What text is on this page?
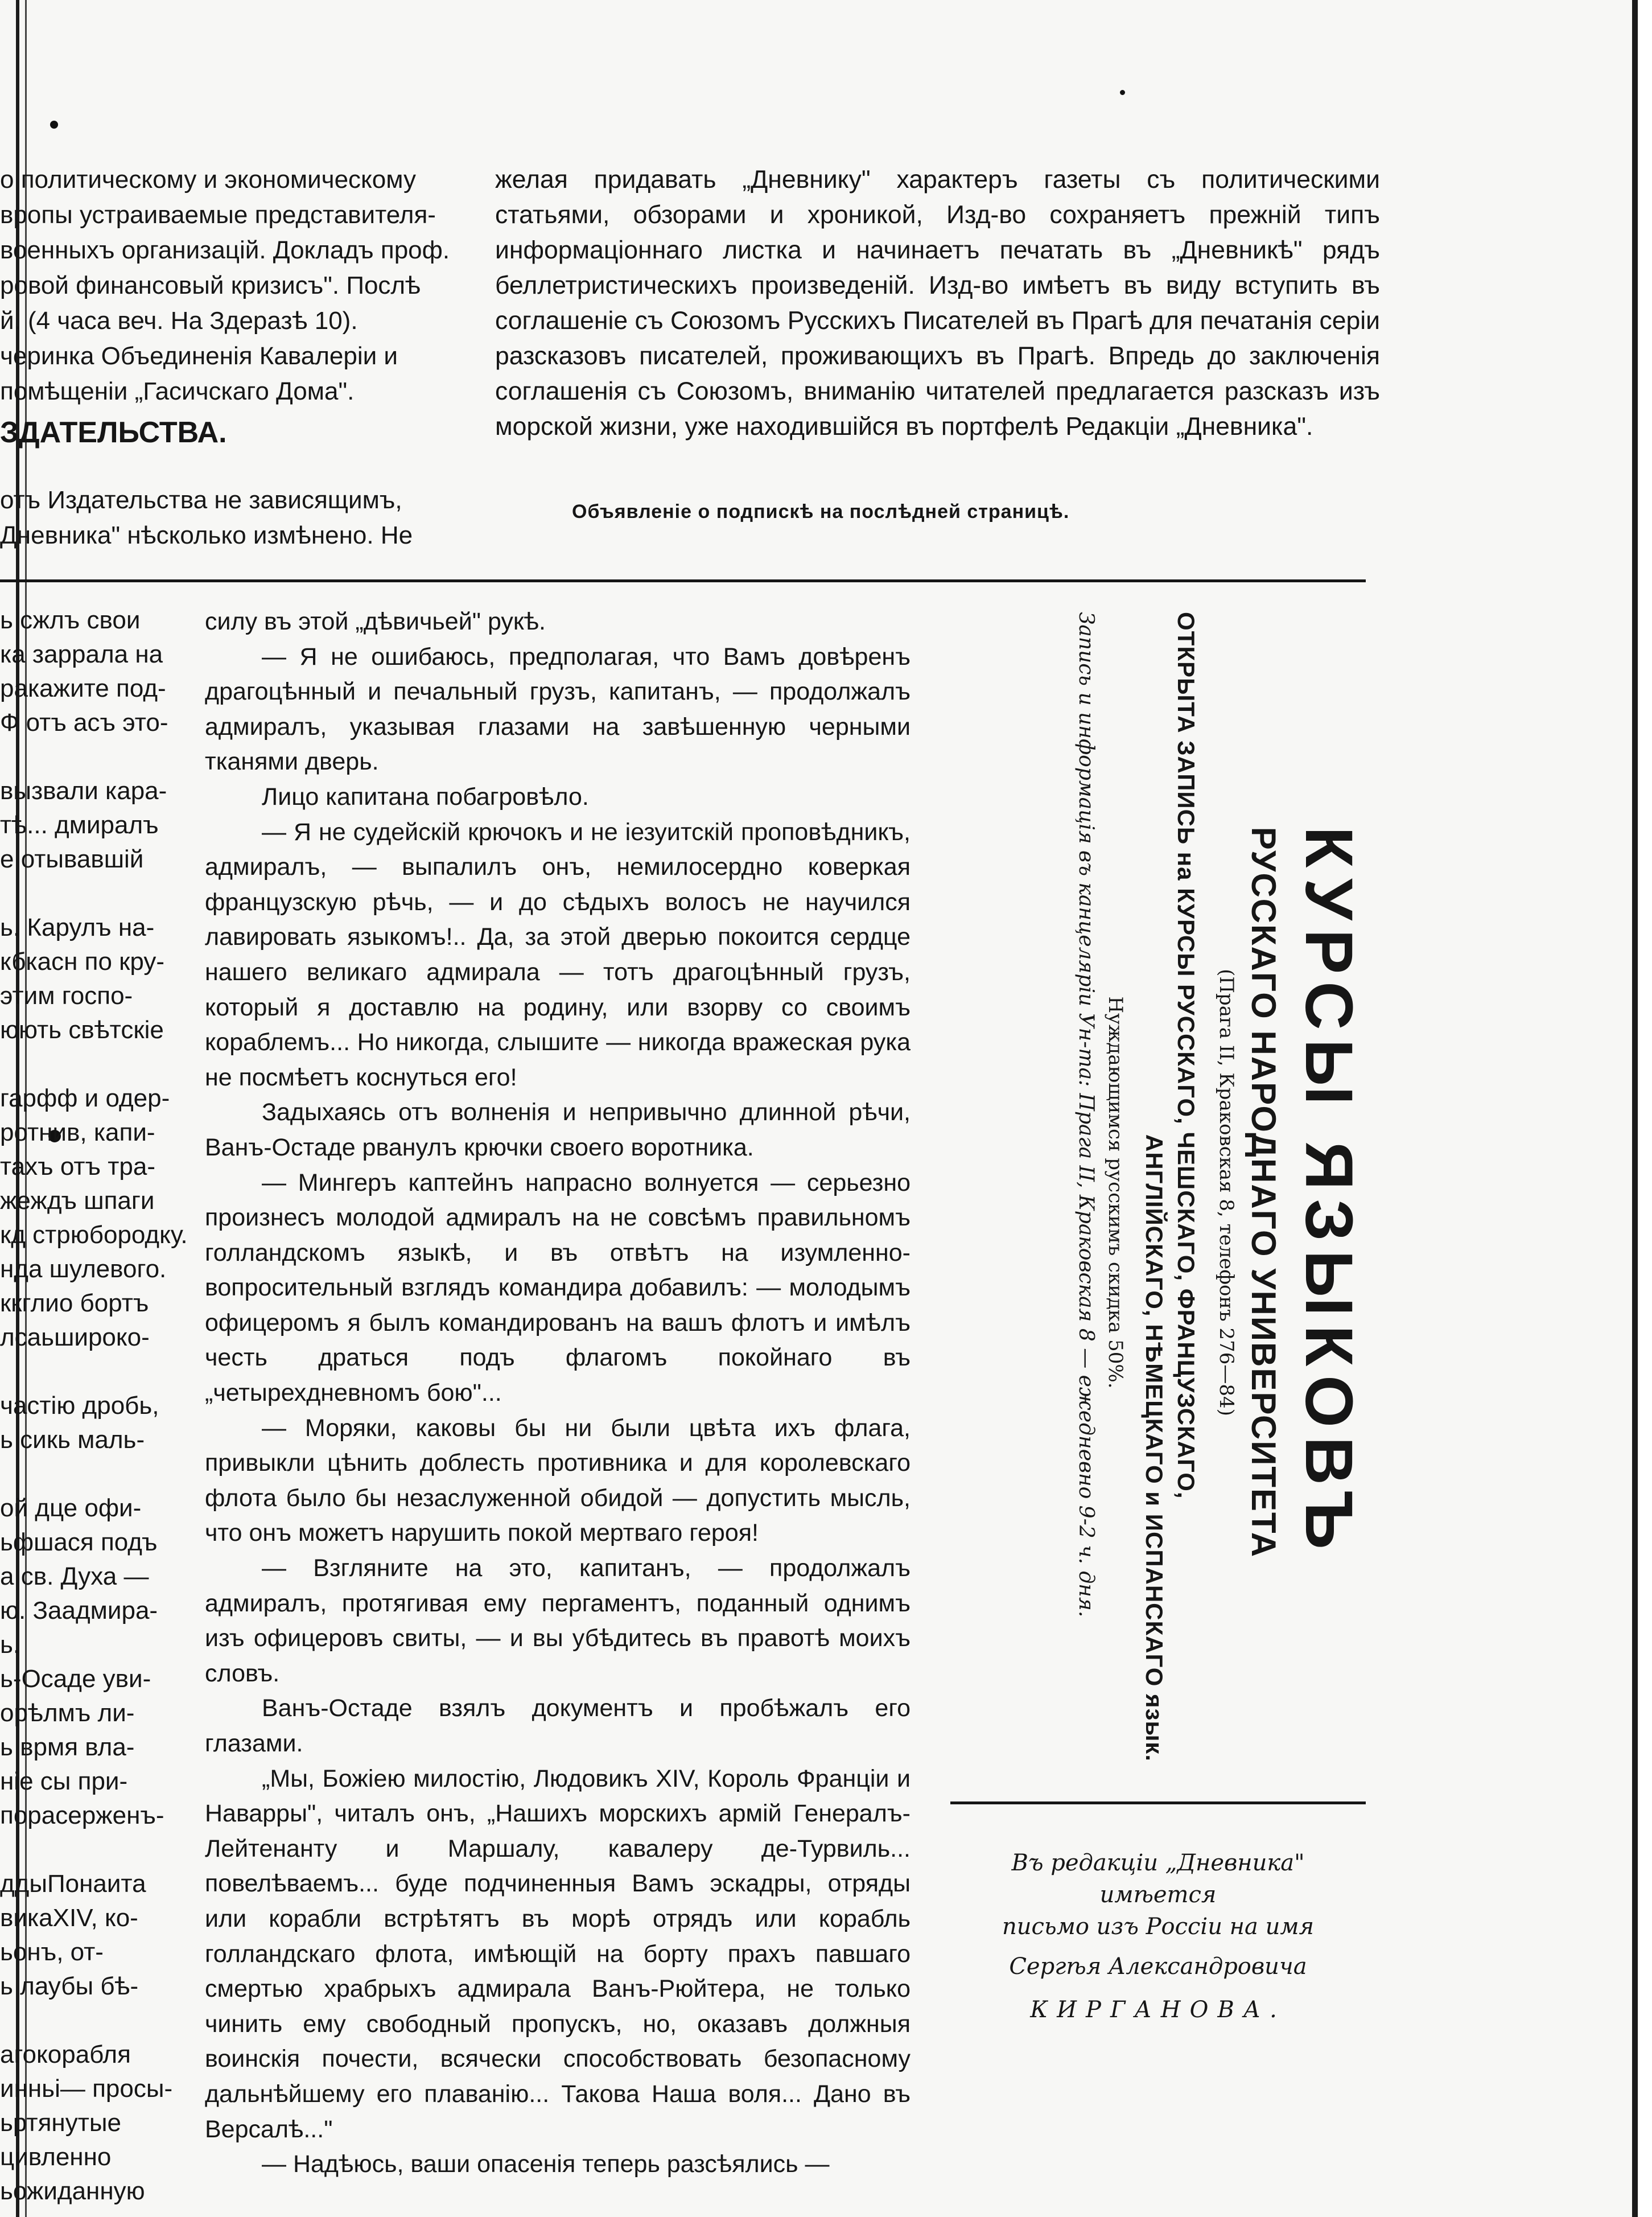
о политическому и экономическому
вропы устраиваемые представителя-
военныхъ организацій. Докладъ проф.
ровой финансовый кризисъ". Послѣ
й. (4 часа веч. На Здеразѣ 10).
черинка Объединенія Кавалеріи и
помѣщеніи „Гасичскаго Дома".
ЗДАТЕЛЬСТВА.
отъ Издательства не зависящимъ,
Дневника" нѣсколько измѣнено. Не

желая придавать „Дневнику" характеръ газеты съ политическими статьями, обзорами и хроникой, Изд-во сохраняетъ прежній типъ информаціоннаго листка и начинаетъ печатать въ „Дневникѣ" рядъ беллетристическихъ произведеній. Изд-во имѣетъ въ виду вступить въ соглашеніе съ Союзомъ Русскихъ Писателей въ Прагѣ для печатанія серіи разсказовъ писателей, проживающихъ въ Прагѣ. Впредь до заключенія соглашенія съ Союзомъ, вниманію читателей предлагается разсказъ изъ морской жизни, уже находившійся въ портфелѣ Редакціи „Дневника".

Объявленіе о подпискѣ на послѣдней страницѣ.
ь сжлъ свои
ка заррала на
ракажите под-
Ф отъ асъ это-
вызвали кара-
тѣ... дмиралъ
е отывавшій
ь. Карулъ на-
кбкасн по кру-
этим госпо-
юють свѣтскіе
гарфф и одер-
ротнив, капи-
тахъ отъ тра-
жеждъ шпаги
кд стрюбородку.
нда шулевого.
ккглио бортъ
лсаьшироко-
частію дробь,
ь сикь маль-
ой дце офи-
ьфшася подъ
а св. Духа —
ю. Заадмира-
ь.
ь-Осаде уви-
орѣлмъ ли-
ь врмя вла-
ніе сы при-
пораcерженъ-
ддыПонаита
викаXIV, ко-
ьонъ, от-
ь лаубы бѣ-
агокорабля
инньі— просы-
ьртянутые
цивленно
ьожиданную

силу въ этой „дѣвичьей" рукѣ.

— Я не ошибаюсь, предполагая, что Вамъ довѣренъ драгоцѣнный и печальный грузъ, капитанъ, — продолжалъ адмиралъ, указывая глазами на завѣшенную черными тканями дверь.

Лицо капитана побагровѣло.

— Я не судейскій крючокъ и не іезуитскій проповѣдникъ, адмиралъ, — выпалилъ онъ, немилосердно коверкая французскую рѣчь, — и до сѣдыхъ волосъ не научился лавировать языкомъ!.. Да, за этой дверью покоится сердце нашего великаго адмирала — тотъ драгоцѣнный грузъ, который я доставлю на родину, или взорву со своимъ кораблемъ... Но никогда, слышите — никогда вражеская рука не посмѣетъ коснуться его!

Задыхаясь отъ волненія и непривычно длинной рѣчи, Ванъ-Остаде рванулъ крючки своего воротника.

— Мингеръ каптейнъ напрасно волнуется — серьезно произнесъ молодой адмиралъ на не совсѣмъ правильномъ голландскомъ языкѣ, и въ отвѣтъ на изумленно-вопросительный взглядъ командира добавилъ: — молодымъ офицеромъ я былъ командированъ на вашъ флотъ и имѣлъ честь драться подъ флагомъ покойнаго въ „четырехдневномъ бою"...

— Моряки, каковы бы ни были цвѣта ихъ флага, привыкли цѣнить доблесть противника и для королевскаго флота было бы незаслуженной обидой — допустить мысль, что онъ можетъ нарушить покой мертваго героя!

— Взгляните на это, капитанъ, — продолжалъ адмиралъ, протягивая ему пергаментъ, поданный однимъ изъ офицеровъ свиты, — и вы убѣдитесь въ правотѣ моихъ словъ.

Ванъ-Остаде взялъ документъ и пробѣжалъ его глазами.

„Мы, Божіею милостію, Людовикъ XIV, Король Франціи и Наварры", читалъ онъ, „Нашихъ морскихъ армій Генералъ-Лейтенанту и Маршалу, кавалеру де-Турвиль... повелѣваемъ... буде подчиненныя Вамъ эскадры, отряды или корабли встрѣтятъ въ морѣ отрядъ или корабль голландскаго флота, имѣющій на борту прахъ павшаго смертью храбрыхъ адмирала Ванъ-Рюйтера, не только чинить ему свободный пропускъ, но, оказавъ должныя воинскія почести, всячески способствовать безопасному дальнѣйшему его плаванію... Такова Наша воля... Дано въ Версалѣ..."

— Надѣюсь, ваши опасенія теперь разсѣялись —

КУРСЫ ЯЗЫКОВЪ
РУССКАГО НАРОДНАГО УНИВЕРСИТЕТА
(Прага II, Краковская 8, телефонъ 276—84)
ОТКРЫТА ЗАПИСЬ на КУРСЫ РУССКАГО, ЧЕШСКАГО, ФРАНЦУЗСКАГО,
АНГЛІЙСКАГО, НѢМЕЦКАГО и ИСПАНСКАГО язык.
Нуждающимся русскимъ скидка 50%.
Запись и информація въ канцеляріи Ун-та: Прага II, Краковская 8 — ежедневно 9-2 ч. дня.
Въ редакціи „Дневника" имѣется
письмо изъ Россіи на имя
Сергѣя Александровича
КИРГАНОВА.
